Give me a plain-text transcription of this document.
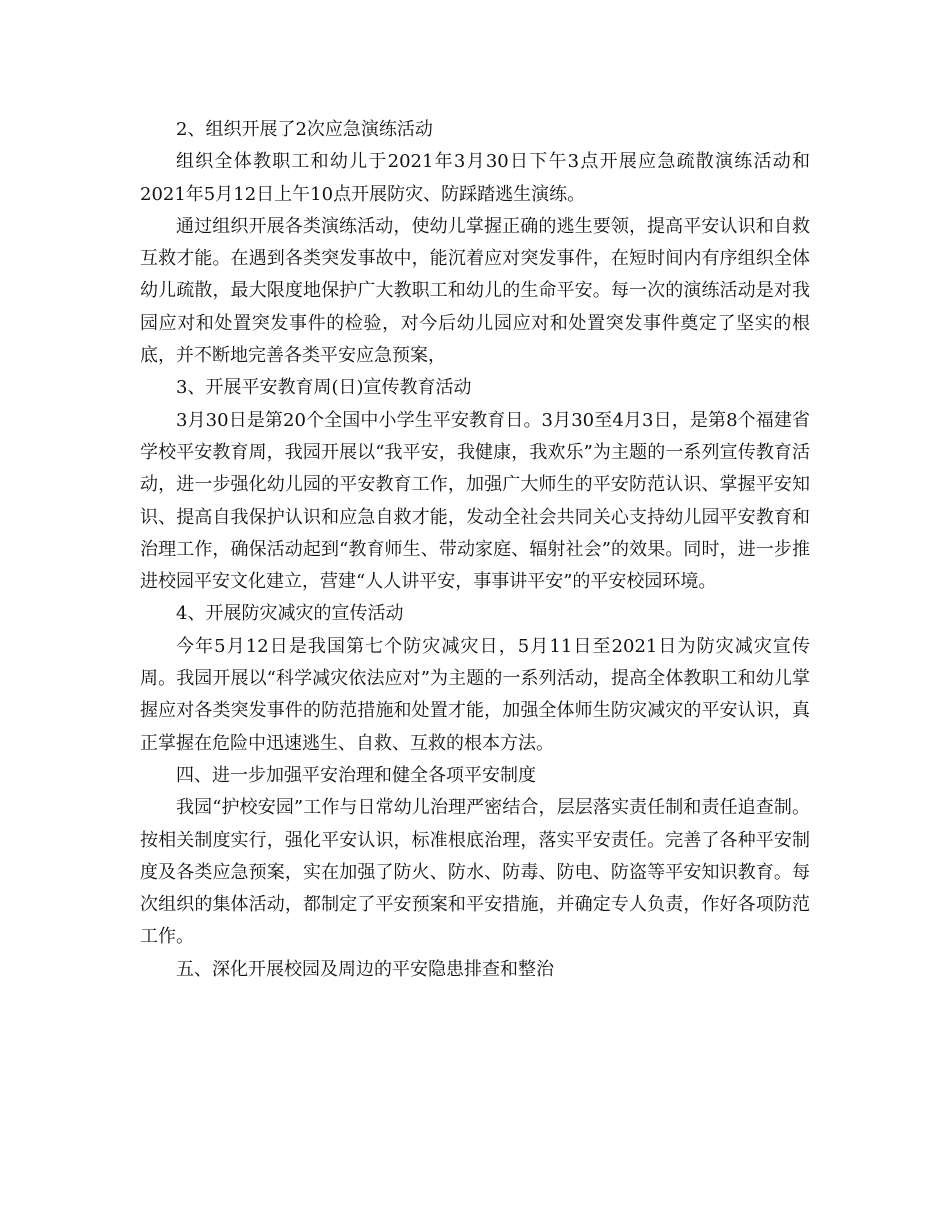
2、组织开展了2次应急演练活动

组织全体教职工和幼儿于2021年3月30日下午3点开展应急疏散演练活动和2021年5月12日上午10点开展防灾、防踩踏逃生演练。

通过组织开展各类演练活动，使幼儿掌握正确的逃生要领，提高平安认识和自救互救才能。在遇到各类突发事故中，能沉着应对突发事件，在短时间内有序组织全体幼儿疏散，最大限度地保护广大教职工和幼儿的生命平安。每一次的演练活动是对我园应对和处置突发事件的检验，对今后幼儿园应对和处置突发事件奠定了坚实的根底，并不断地完善各类平安应急预案，

3、开展平安教育周(日)宣传教育活动

3月30日是第20个全国中小学生平安教育日。3月30至4月3日，是第8个福建省学校平安教育周，我园开展以“我平安，我健康，我欢乐”为主题的一系列宣传教育活动，进一步强化幼儿园的平安教育工作，加强广大师生的平安防范认识、掌握平安知识、提高自我保护认识和应急自救才能，发动全社会共同关心支持幼儿园平安教育和治理工作，确保活动起到“教育师生、带动家庭、辐射社会”的效果。同时，进一步推进校园平安文化建立，营建“人人讲平安，事事讲平安”的平安校园环境。

4、开展防灾减灾的宣传活动

今年5月12日是我国第七个防灾减灾日，5月11日至2021日为防灾减灾宣传周。我园开展以“科学减灾依法应对”为主题的一系列活动，提高全体教职工和幼儿掌握应对各类突发事件的防范措施和处置才能，加强全体师生防灾减灾的平安认识，真正掌握在危险中迅速逃生、自救、互救的根本方法。

四、进一步加强平安治理和健全各项平安制度

我园“护校安园”工作与日常幼儿治理严密结合，层层落实责任制和责任追查制。按相关制度实行，强化平安认识，标准根底治理，落实平安责任。完善了各种平安制度及各类应急预案，实在加强了防火、防水、防毒、防电、防盗等平安知识教育。每次组织的集体活动，都制定了平安预案和平安措施，并确定专人负责，作好各项防范工作。

五、深化开展校园及周边的平安隐患排查和整治
